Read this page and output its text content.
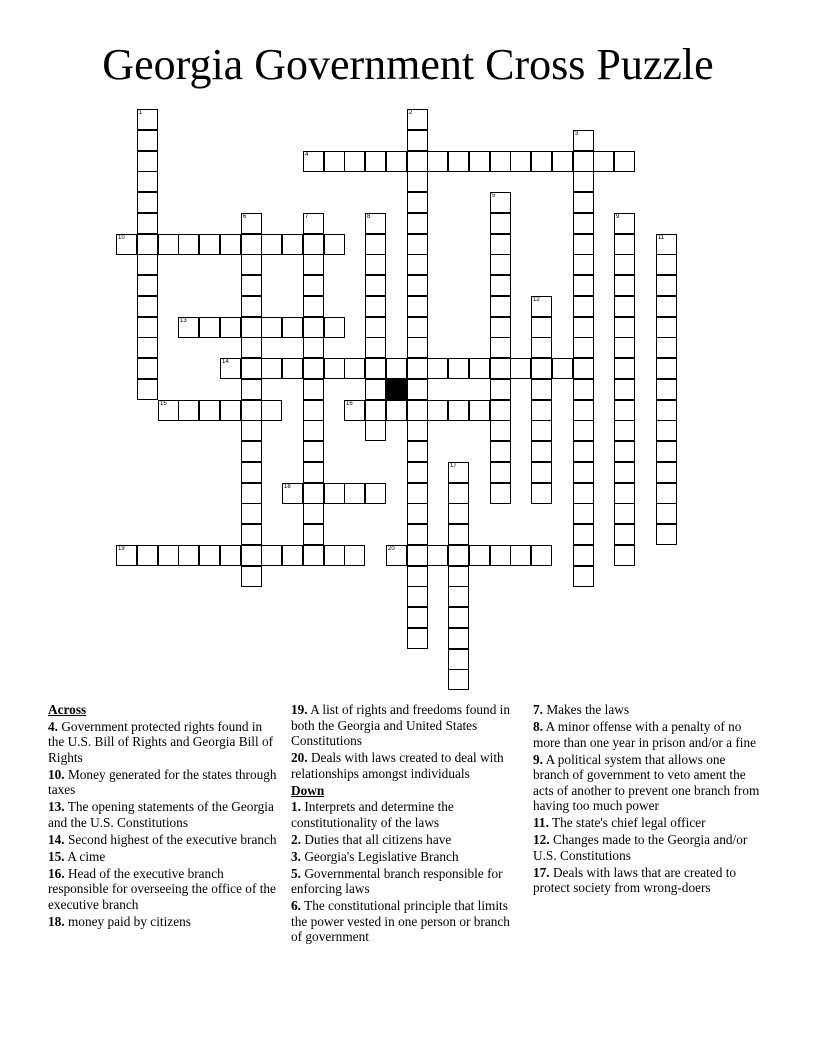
Georgia Government Cross Puzzle
1	2
3
4
5
6	7	8	9
10	11
12
13
14
15	16
17
18
19	20
Across
4. Government protected rights found in the U.S. Bill of Rights and Georgia Bill of Rights
10. Money generated for the states through taxes
13. The opening statements of the Georgia and the U.S. Constitutions
14. Second highest of the executive branch
15. A cime
16. Head of the executive branch responsible for overseeing the office of the executive branch
18. money paid by citizens
19. A list of rights and freedoms found in both the Georgia and United States Constitutions
20. Deals with laws created to deal with relationships amongst individuals
Down
1. Interprets and determine the constitutionality of the laws
2. Duties that all citizens have
3. Georgia's Legislative Branch
5. Governmental branch responsible for enforcing laws
6. The constitutional principle that limits the power vested in one person or branch of government
7. Makes the laws
8. A minor offense with a penalty of no more than one year in prison and/or a fine
9. A political system that allows one branch of government to veto ament the acts of another to prevent one branch from having too much power
11. The state's chief legal officer
12. Changes made to the Georgia and/or U.S. Constitutions
17. Deals with laws that are created to protect society from wrong-doers
